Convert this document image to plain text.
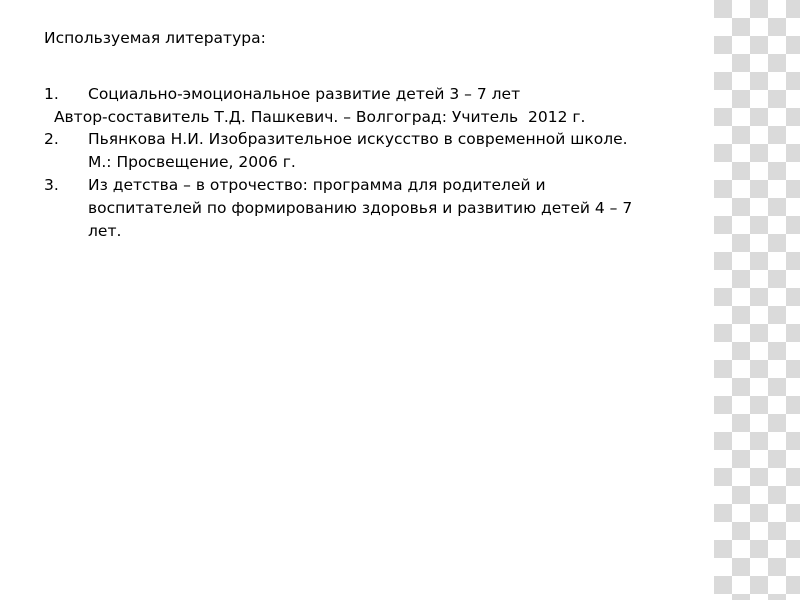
Используемая литература:
1.	Социально-эмоциональное развитие детей 3 – 7 лет
Автор-составитель Т.Д. Пашкевич. – Волгоград: Учитель  2012 г.
2.	Пьянкова Н.И. Изобразительное искусство в современной школе.
М.: Просвещение, 2006 г.
3.	Из детства – в отрочество: программа для родителей и
воспитателей по формированию здоровья и развитию детей 4 – 7
лет.
